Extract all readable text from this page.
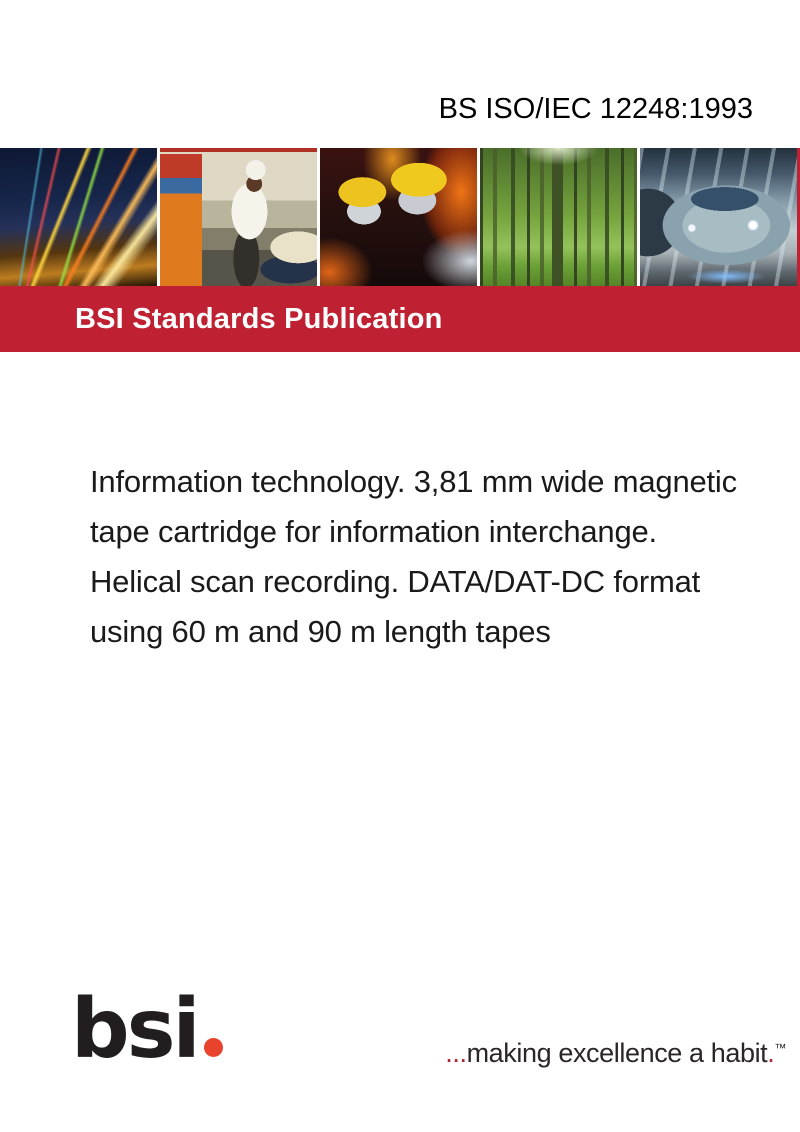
BS ISO/IEC 12248:1993
BSI Standards Publication
Information technology. 3,81 mm wide magnetic
tape cartridge for information interchange.
Helical scan recording. DATA/DAT-DC format
using 60 m and 90 m length tapes
bsi	...making excellence a habit.™
